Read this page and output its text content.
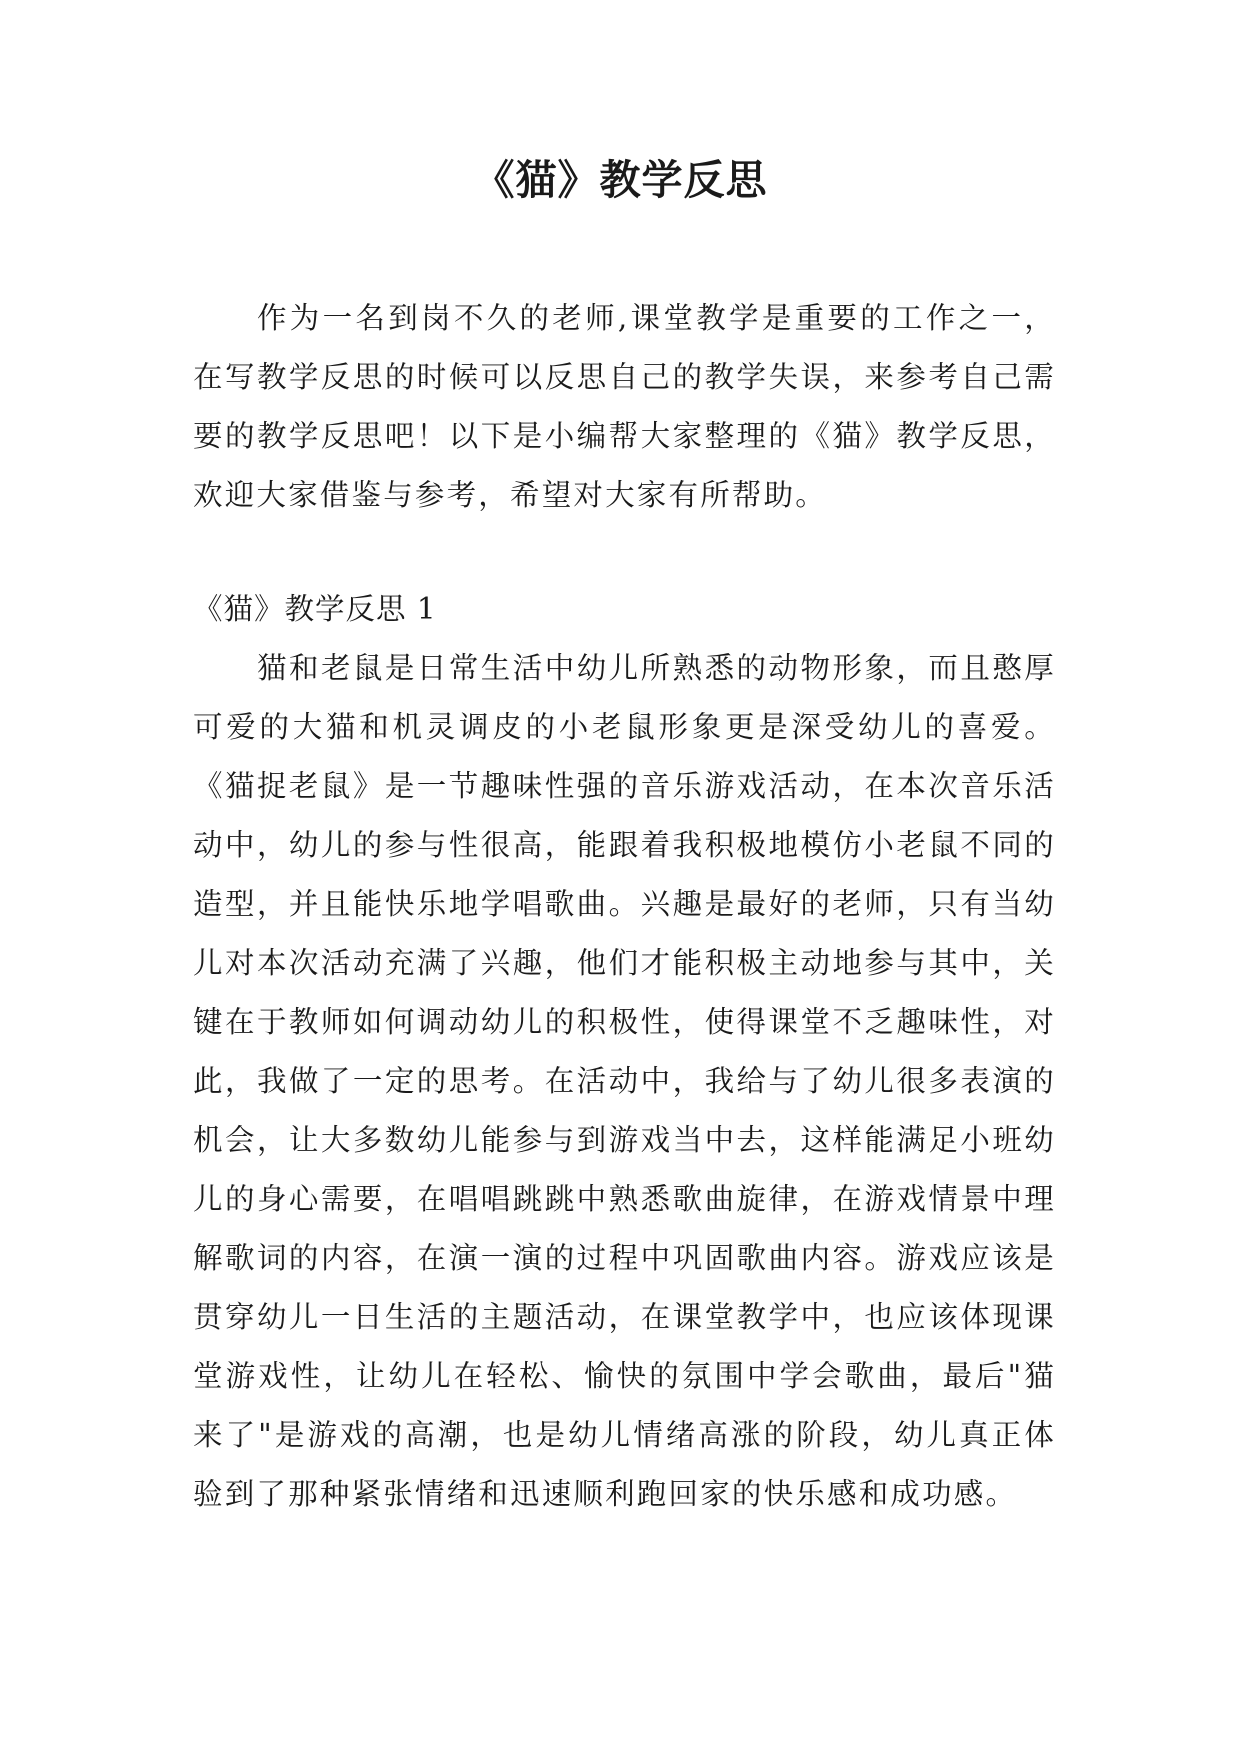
《猫》教学反思

作为一名到岗不久的老师,课堂教学是重要的工作之一，在写教学反思的时候可以反思自己的教学失误，来参考自己需要的教学反思吧！以下是小编帮大家整理的《猫》教学反思，欢迎大家借鉴与参考，希望对大家有所帮助。

《猫》教学反思 1

猫和老鼠是日常生活中幼儿所熟悉的动物形象，而且憨厚可爱的大猫和机灵调皮的小老鼠形象更是深受幼儿的喜爱。《猫捉老鼠》是一节趣味性强的音乐游戏活动，在本次音乐活动中，幼儿的参与性很高，能跟着我积极地模仿小老鼠不同的造型，并且能快乐地学唱歌曲。兴趣是最好的老师，只有当幼儿对本次活动充满了兴趣，他们才能积极主动地参与其中，关键在于教师如何调动幼儿的积极性，使得课堂不乏趣味性，对此，我做了一定的思考。在活动中，我给与了幼儿很多表演的机会，让大多数幼儿能参与到游戏当中去，这样能满足小班幼儿的身心需要，在唱唱跳跳中熟悉歌曲旋律，在游戏情景中理解歌词的内容，在演一演的过程中巩固歌曲内容。游戏应该是贯穿幼儿一日生活的主题活动，在课堂教学中，也应该体现课堂游戏性，让幼儿在轻松、愉快的氛围中学会歌曲，最后"猫来了"是游戏的高潮，也是幼儿情绪高涨的阶段，幼儿真正体验到了那种紧张情绪和迅速顺利跑回家的快乐感和成功感。
